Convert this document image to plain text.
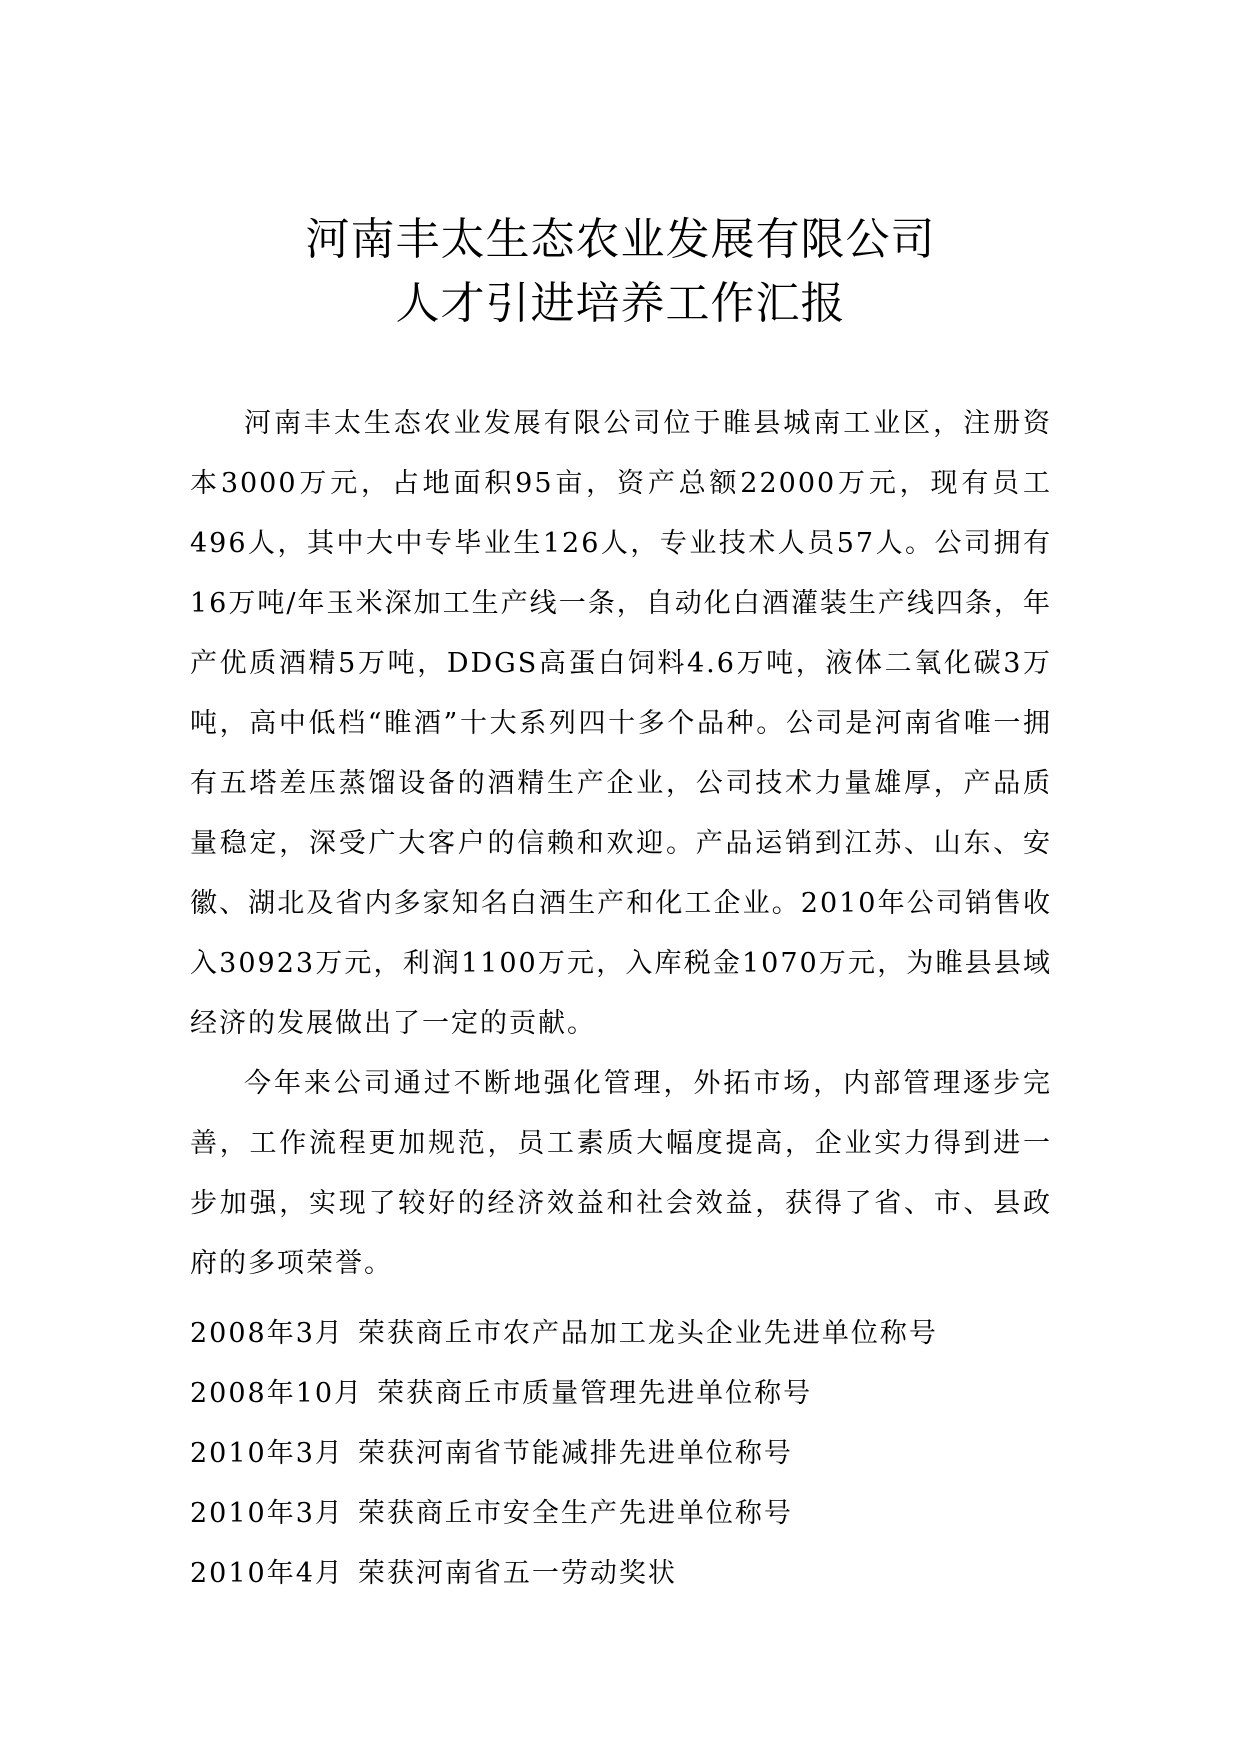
河南丰太生态农业发展有限公司
人才引进培养工作汇报

河南丰太生态农业发展有限公司位于睢县城南工业区，注册资本3000万元，占地面积95亩，资产总额22000万元，现有员工496人，其中大中专毕业生126人，专业技术人员57人。公司拥有16万吨/年玉米深加工生产线一条，自动化白酒灌装生产线四条，年产优质酒精5万吨，DDGS高蛋白饲料4.6万吨，液体二氧化碳3万吨，高中低档“睢酒”十大系列四十多个品种。公司是河南省唯一拥有五塔差压蒸馏设备的酒精生产企业，公司技术力量雄厚，产品质量稳定，深受广大客户的信赖和欢迎。产品运销到江苏、山东、安徽、湖北及省内多家知名白酒生产和化工企业。2010年公司销售收入30923万元，利润1100万元，入库税金1070万元，为睢县县域经济的发展做出了一定的贡献。

今年来公司通过不断地强化管理，外拓市场，内部管理逐步完善，工作流程更加规范，员工素质大幅度提高，企业实力得到进一步加强，实现了较好的经济效益和社会效益，获得了省、市、县政府的多项荣誉。

2008年3月 荣获商丘市农产品加工龙头企业先进单位称号
2008年10月 荣获商丘市质量管理先进单位称号
2010年3月 荣获河南省节能减排先进单位称号
2010年3月 荣获商丘市安全生产先进单位称号
2010年4月 荣获河南省五一劳动奖状
